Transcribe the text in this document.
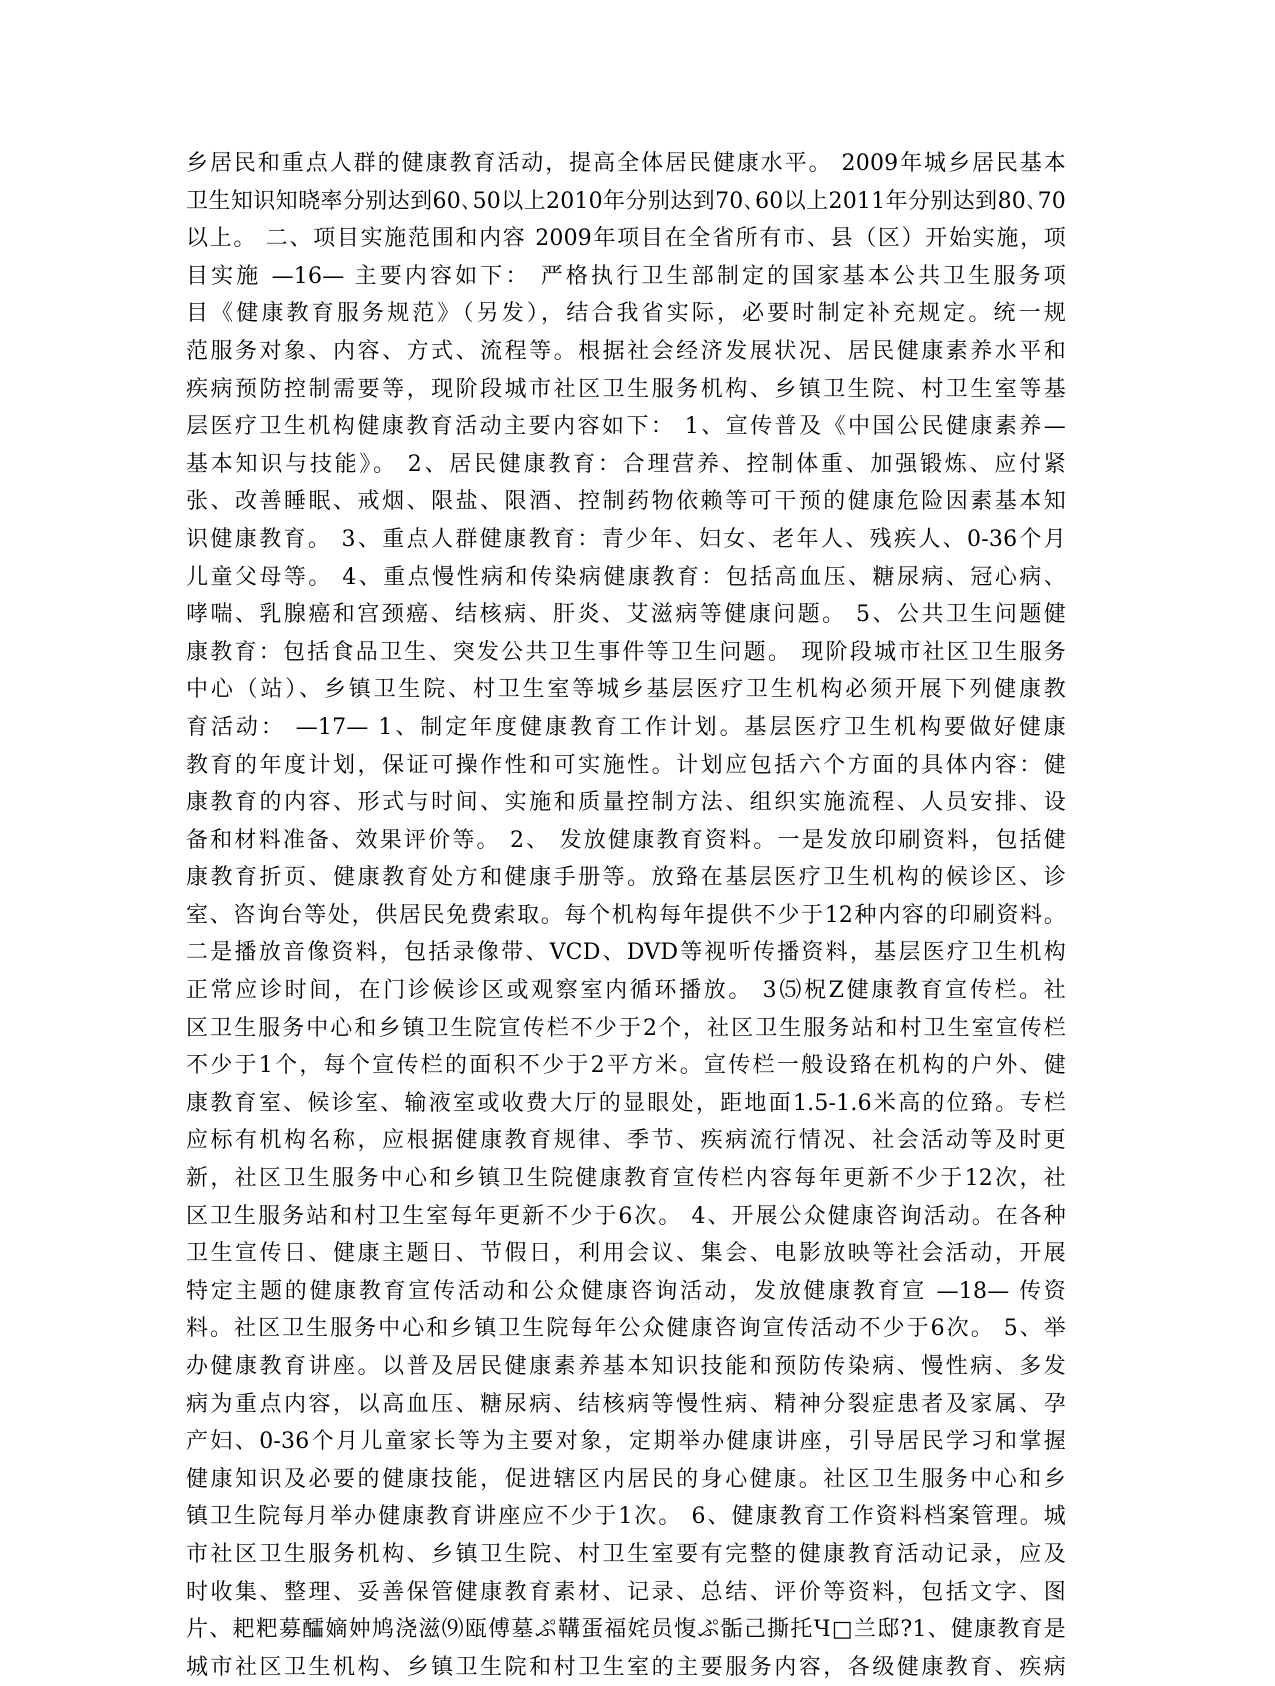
乡居民和重点人群的健康教育活动，提高全体居民健康水平。 2009年城乡居民基本
卫生知识知晓率分别达到60､50以上2010年分别达到70､60以上2011年分别达到80､70
以上。 二、项目实施范围和内容 2009年项目在全省所有市、县（区）开始实施，项
目实施 —16— 主要内容如下： 严格执行卫生部制定的国家基本公共卫生服务项
目《健康教育服务规范》（另发），结合我省实际，必要时制定补充规定。统一规
范服务对象、内容、方式、流程等。根据社会经济发展状况、居民健康素养水平和
疾病预防控制需要等，现阶段城市社区卫生服务机构、乡镇卫生院、村卫生室等基
层医疗卫生机构健康教育活动主要内容如下： 1、宣传普及《中国公民健康素养—
基本知识与技能》。 2、居民健康教育：合理营养、控制体重、加强锻炼、应付紧
张、改善睡眠、戒烟、限盐、限酒、控制药物依赖等可干预的健康危险因素基本知
识健康教育。 3、重点人群健康教育：青少年、妇女、老年人、残疾人、0-36个月
儿童父母等。 4、重点慢性病和传染病健康教育：包括高血压、糖尿病、冠心病、
哮喘、乳腺癌和宫颈癌、结核病、肝炎、艾滋病等健康问题。 5、公共卫生问题健
康教育：包括食品卫生、突发公共卫生事件等卫生问题。 现阶段城市社区卫生服务
中心（站）、乡镇卫生院、村卫生室等城乡基层医疗卫生机构必须开展下列健康教
育活动： —17— 1、制定年度健康教育工作计划。基层医疗卫生机构要做好健康
教育的年度计划，保证可操作性和可实施性。计划应包括六个方面的具体内容：健
康教育的内容、形式与时间、实施和质量控制方法、组织实施流程、人员安排、设
备和材料准备、效果评价等。 2、 发放健康教育资料。一是发放印刷资料，包括健
康教育折页、健康教育处方和健康手册等。放臵在基层医疗卫生机构的候诊区、诊
室、咨询台等处，供居民免费索取。每个机构每年提供不少于12种内容的印刷资料。
二是播放音像资料，包括录像带、VCD、DVD等视听传播资料，基层医疗卫生机构
正常应诊时间，在门诊候诊区或观察室内循环播放。 3⑸柷Z健康教育宣传栏。社
区卫生服务中心和乡镇卫生院宣传栏不少于2个，社区卫生服务站和村卫生室宣传栏
不少于1个，每个宣传栏的面积不少于2平方米。宣传栏一般设臵在机构的户外、健
康教育室、候诊室、输液室或收费大厅的显眼处，距地面1.5-1.6米高的位臵。专栏
应标有机构名称，应根据健康教育规律、季节、疾病流行情况、社会活动等及时更
新，社区卫生服务中心和乡镇卫生院健康教育宣传栏内容每年更新不少于12次，社
区卫生服务站和村卫生室每年更新不少于6次。 4、开展公众健康咨询活动。在各种
卫生宣传日、健康主题日、节假日，利用会议、集会、电影放映等社会活动，开展
特定主题的健康教育宣传活动和公众健康咨询活动，发放健康教育宣 —18— 传资
料。社区卫生服务中心和乡镇卫生院每年公众健康咨询宣传活动不少于6次。 5、举
办健康教育讲座。以普及居民健康素养基本知识技能和预防传染病、慢性病、多发
病为重点内容，以高血压、糖尿病、结核病等慢性病、精神分裂症患者及家属、孕
产妇、0-36个月儿童家长等为主要对象，定期举办健康讲座，引导居民学习和掌握
健康知识及必要的健康技能，促进辖区内居民的身心健康。社区卫生服务中心和乡
镇卫生院每月举办健康教育讲座应不少于1次。 6、健康教育工作资料档案管理。城
市社区卫生服务机构、乡镇卫生院、村卫生室要有完整的健康教育活动记录，应及
时收集、整理、妥善保管健康教育素材、记录、总结、评价等资料，包括文字、图
片、耙粑募醽嫡妕鸠浇滋⑼瓯傅墓ぷ鞲蛋福姹员愎ぷ骺己撕托Ч□兰邸?1、健康教育是
城市社区卫生机构、乡镇卫生院和村卫生室的主要服务内容，各级健康教育、疾病
